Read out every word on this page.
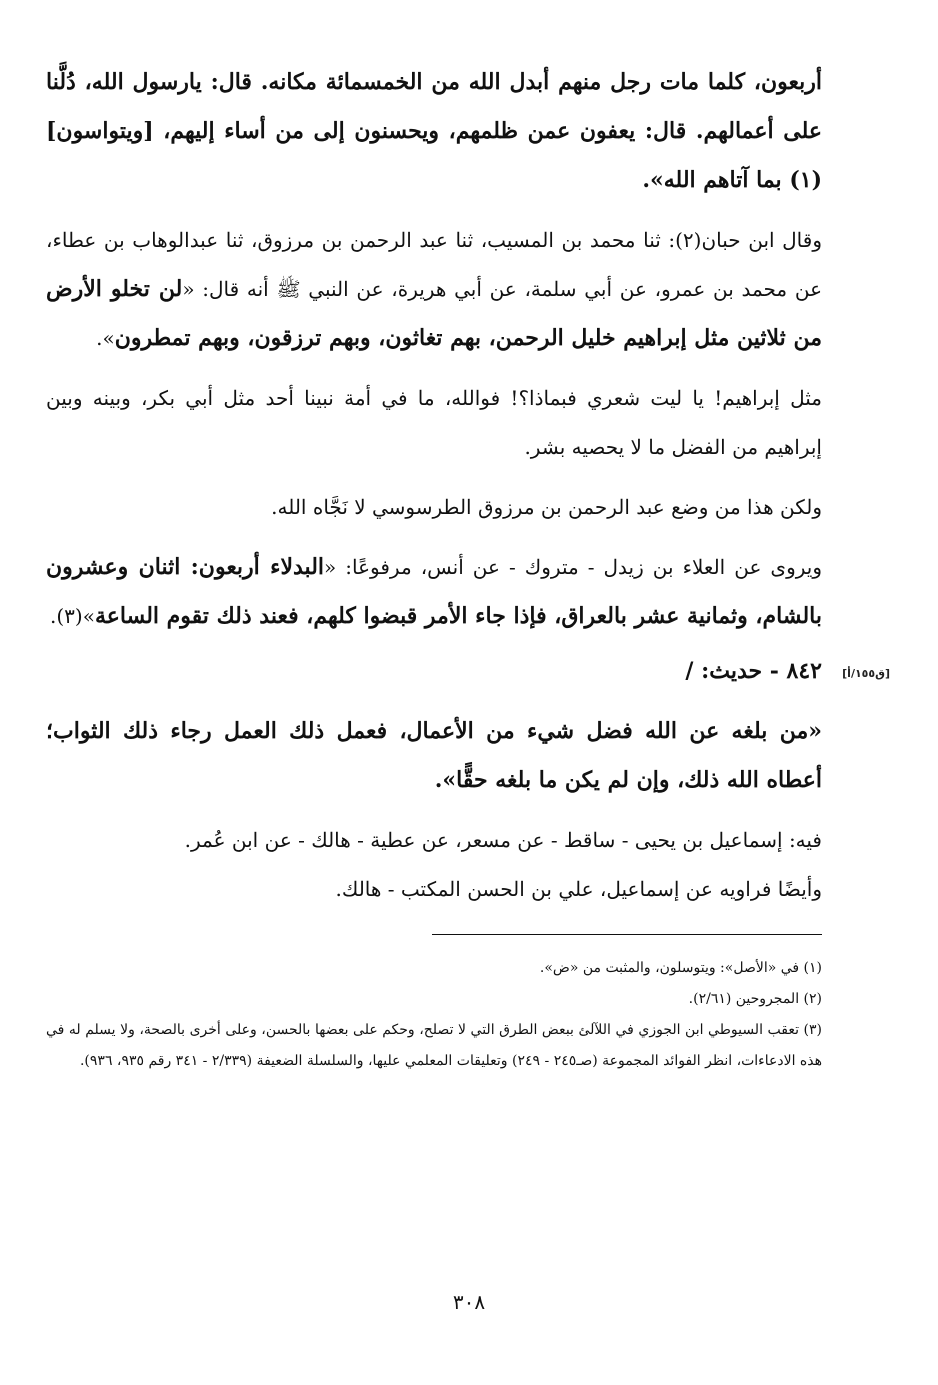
أربعون، كلما مات رجل منهم أبدل الله من الخمسمائة مكانه. قال: يارسول الله، دُلَّنا على أعمالهم. قال: يعفون عمن ظلمهم، ويحسنون إلى من أساء إليهم، [ويتواسون](١) بما آتاهم الله».

وقال ابن حبان(٢): ثنا محمد بن المسيب، ثنا عبد الرحمن بن مرزوق، ثنا عبدالوهاب بن عطاء، عن محمد بن عمرو، عن أبي سلمة، عن أبي هريرة، عن النبي ﷺ أنه قال: «لن تخلو الأرض من ثلاثين مثل إبراهيم خليل الرحمن، بهم تغاثون، وبهم ترزقون، وبهم تمطرون».

مثل إبراهيم! يا ليت شعري فبماذا؟! فوالله، ما في أمة نبينا أحد مثل أبي بكر، وبينه وبين إبراهيم من الفضل ما لا يحصيه بشر.

ولكن هذا من وضع عبد الرحمن بن مرزوق الطرسوسي لا نَجَّاه الله.

ويروى عن العلاء بن زيدل - متروك - عن أنس، مرفوعًا: «البدلاء أربعون: اثنان وعشرون بالشام، وثمانية عشر بالعراق، فإذا جاء الأمر قبضوا كلهم، فعند ذلك تقوم الساعة»(٣).

٨٤٢ - حديث: /	[ق١٥٥/أ]

«من بلغه عن الله فضل شيء من الأعمال، فعمل ذلك العمل رجاء ذلك الثواب؛ أعطاه الله ذلك، وإن لم يكن ما بلغه حقًّا».

فيه: إسماعيل بن يحيى - ساقط - عن مسعر، عن عطية - هالك - عن ابن عُمر.

وأيضًا فراويه عن إسماعيل، علي بن الحسن المكتب - هالك.

(١) في «الأصل»: ويتوسلون، والمثبت من «ض».

(٢) المجروحين (٢/٦١).

(٣) تعقب السيوطي ابن الجوزي في اللآلئ ببعض الطرق التي لا تصلح، وحكم على بعضها بالحسن، وعلى أخرى بالصحة، ولا يسلم له في هذه الادعاءات، انظر الفوائد المجموعة (صـ٢٤٥ - ٢٤٩) وتعليقات المعلمي عليها، والسلسلة الضعيفة (٢/٣٣٩ - ٣٤١ رقم ٩٣٥، ٩٣٦).

٣٠٨
